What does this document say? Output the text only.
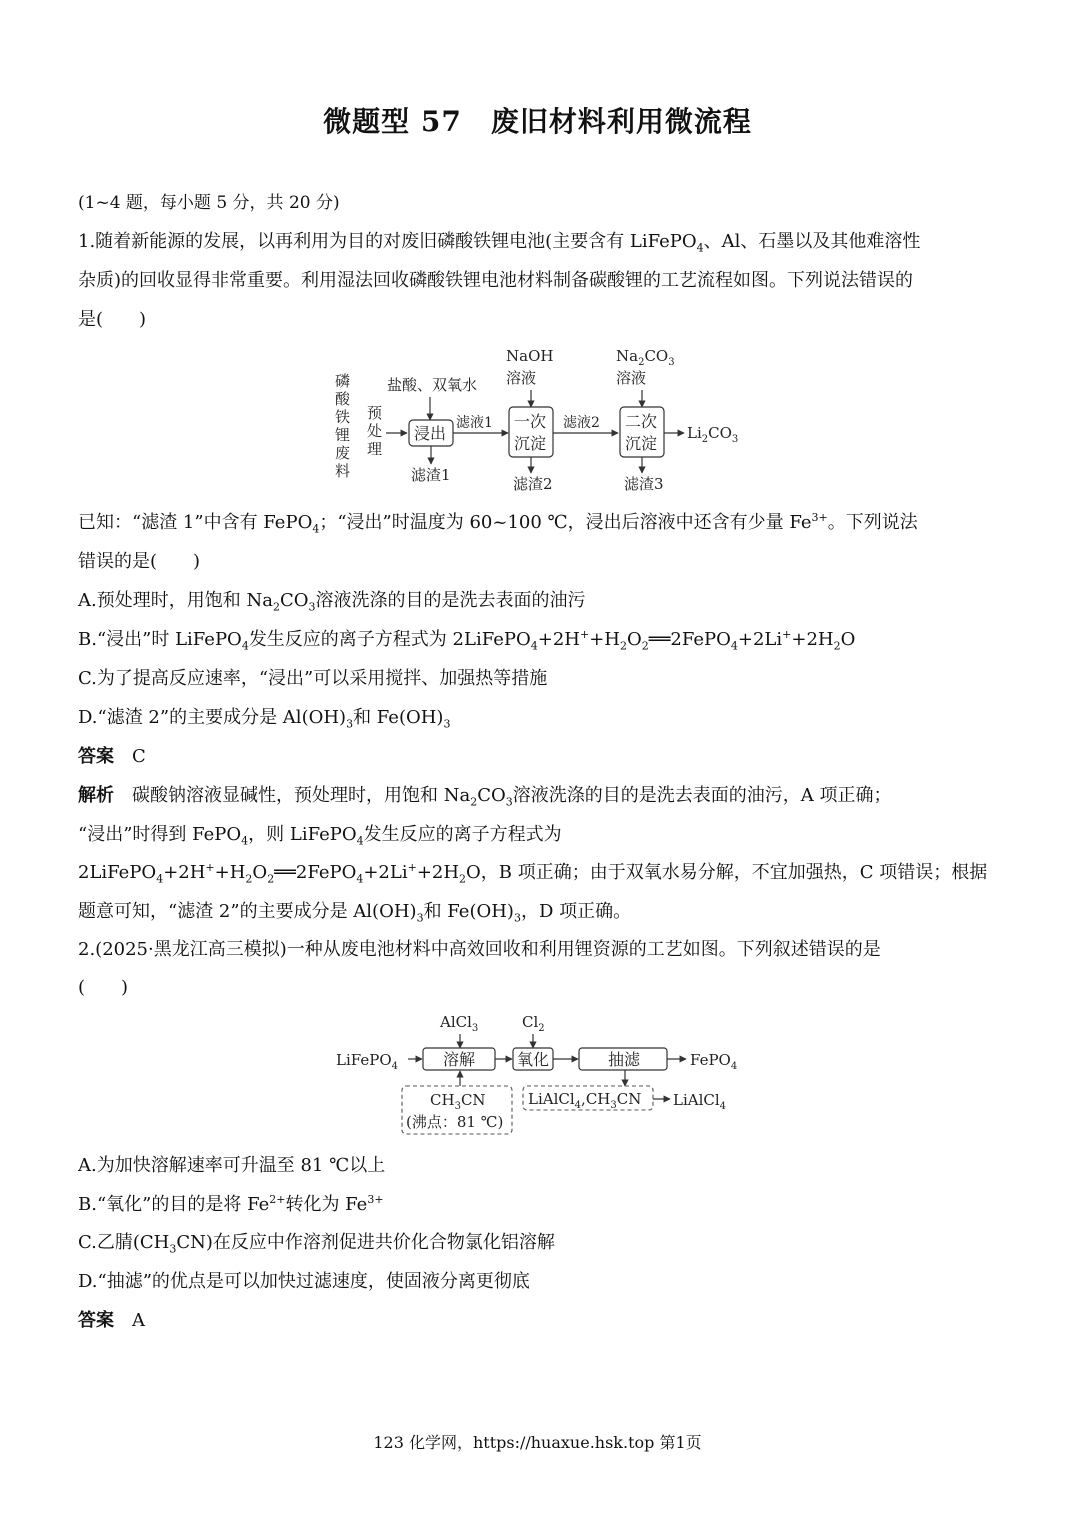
微题型 57　废旧材料利用微流程
(1~4 题，每小题 5 分，共 20 分)
1.随着新能源的发展，以再利用为目的对废旧磷酸铁锂电池(主要含有 LiFePO$_4$、Al、石墨以及其他难溶性
杂质)的回收显得非常重要。利用湿法回收磷酸铁锂电池材料制备碳酸锂的工艺流程如图。下列说法错误的
是(　　)
磷
酸
铁
锂
废
料
预
处
理
盐酸、双氧水
浸出
滤渣1
滤液1
NaOH
溶液
一次
沉淀
滤渣2
滤液2
$Na_2CO_3$
溶液
二次
沉淀
滤渣3
$Li_2CO_3$
已知：“滤渣 1”中含有 FePO$_4$；“浸出”时温度为 60~100 ℃，浸出后溶液中还含有少量 $Fe^{3+}$。下列说法
错误的是(　　)
A.预处理时，用饱和 $Na_2CO_3$溶液洗涤的目的是洗去表面的油污
B.“浸出”时 LiFePO$_4$发生反应的离子方程式为 $2LiFePO_4+2H^++H_2O_2══2FePO_4+2Li^++2H_2O$
C.为了提高反应速率，“浸出”可以采用搅拌、加强热等措施
D.“滤渣 2”的主要成分是 $Al(OH)_3$和 $Fe(OH)_3$
答案　 C
解析　 碳酸钠溶液显碱性，预处理时，用饱和 $Na_2CO_3$溶液洗涤的目的是洗去表面的油污，A 项正确；
“浸出”时得到 FePO$_4$，则 LiFePO$_4$发生反应的离子方程式为
$2LiFePO_4+2H^++H_2O_2══2FePO_4+2Li^++2H_2O$，B 项正确；由于双氧水易分解，不宜加强热，C 项错误；根据
题意可知，“滤渣 2”的主要成分是 $Al(OH)_3$和 $Fe(OH)_3$，D 项正确。
2.(2025·黑龙江高三模拟)一种从废电池材料中高效回收和利用锂资源的工艺如图。下列叙述错误的是
(　　)
LiFePO$_4$
AlCl$_3$
溶解
$Cl_2$
氧化	抽滤	FePO$_4$
$CH_3CN$
(沸点：81 ℃)
$LiAlCl_4,CH_3CN$ LiAlCl$_4$
A.为加快溶解速率可升温至 81 ℃以上
B.“氧化”的目的是将 $Fe^{2+}$转化为 $Fe^{3+}$
C.乙腈$(CH_3CN)$在反应中作溶剂促进共价化合物氯化铝溶解
D.“抽滤”的优点是可以加快过滤速度，使固液分离更彻底
答案　 A
123 化学网，https://huaxue.hsk.top 第1页
